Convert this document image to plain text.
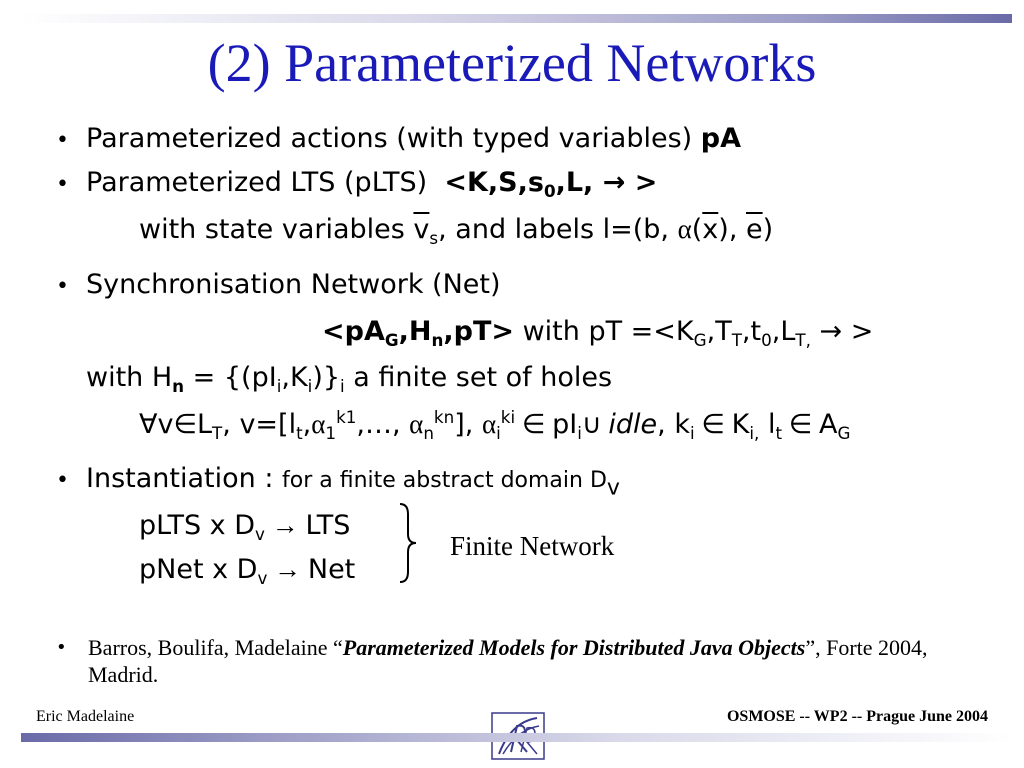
(2) Parameterized Networks
• Parameterized actions (with typed variables) pA
• Parameterized LTS (pLTS) $<K,S,s_0,L$, → >
with state variables $\overline{v}_s$, and labels l=(b, $\alpha(\overline{x})$, $\overline{e}$)
• Synchronisation Network (Net)
$<pA_G,H_n,pT>$ with pT $=<K_G,T_T,t_0,L_{T,}$ → >
with $H_n = \{(pI_i,K_i)\}_i$ a finite set of holes
$\forall v\in L_T$, $v=[l_t,\alpha_1^{k1},\dots$, $\alpha_n^{kn}$], $\alpha_i^{ki}$ ∈ $pI_i\cup$ idle, $k_i$ ∈ $K_{i,}$ $l_t$ ∈ $A_G$
• Instantiation : for a finite abstract domain $D_v$
pLTS x $D_v$ → LTS
pNet x $D_v$ → Net
Finite Network
• Barros, Boulifa, Madelaine “Parameterized Models for Distributed Java Objects”, Forte 2004, Madrid.
Eric Madelaine	OSMOSE -- WP2 -- Prague June 2004
